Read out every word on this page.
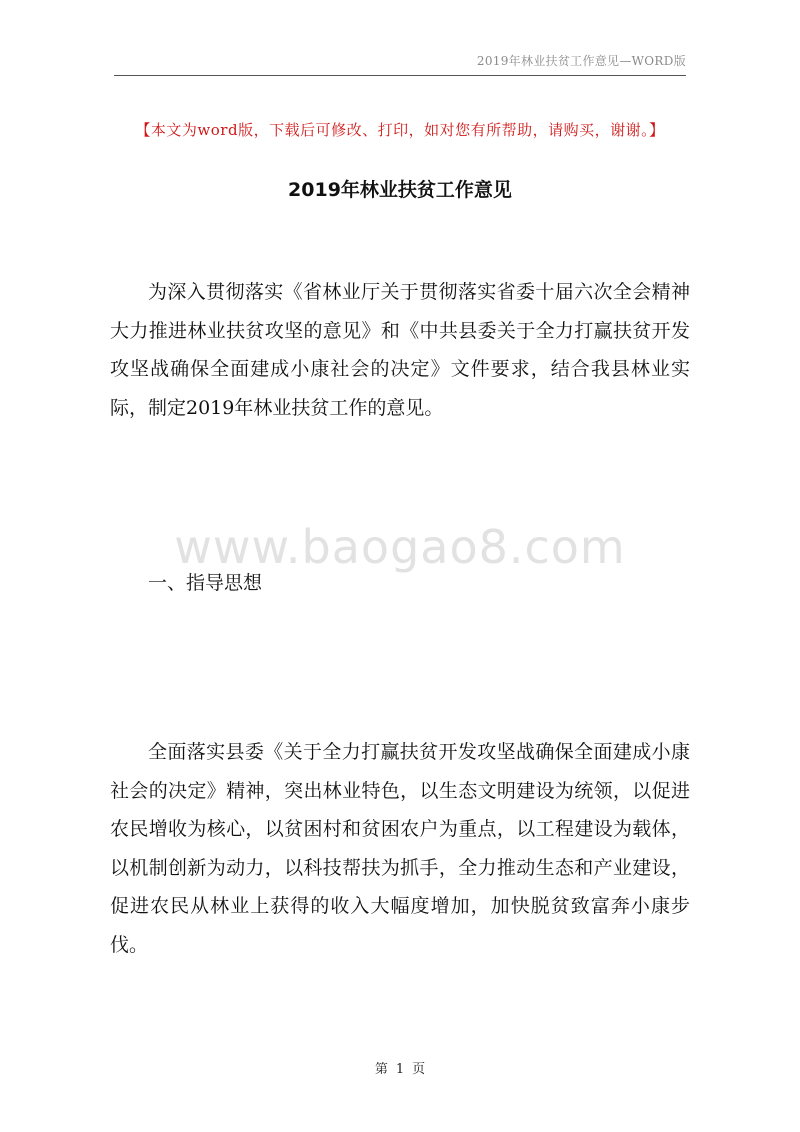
2019年林业扶贫工作意见—WORD版
【本文为word版，下载后可修改、打印，如对您有所帮助，请购买，谢谢。】
2019年林业扶贫工作意见

为深入贯彻落实《省林业厅关于贯彻落实省委十届六次全会精神大力推进林业扶贫攻坚的意见》和《中共县委关于全力打赢扶贫开发攻坚战确保全面建成小康社会的决定》文件要求，结合我县林业实际，制定2019年林业扶贫工作的意见。

www.baogao8.com
一、指导思想

全面落实县委《关于全力打赢扶贫开发攻坚战确保全面建成小康社会的决定》精神，突出林业特色，以生态文明建设为统领，以促进农民增收为核心，以贫困村和贫困农户为重点，以工程建设为载体，以机制创新为动力，以科技帮扶为抓手，全力推动生态和产业建设，促进农民从林业上获得的收入大幅度增加，加快脱贫致富奔小康步伐。

第 1 页
